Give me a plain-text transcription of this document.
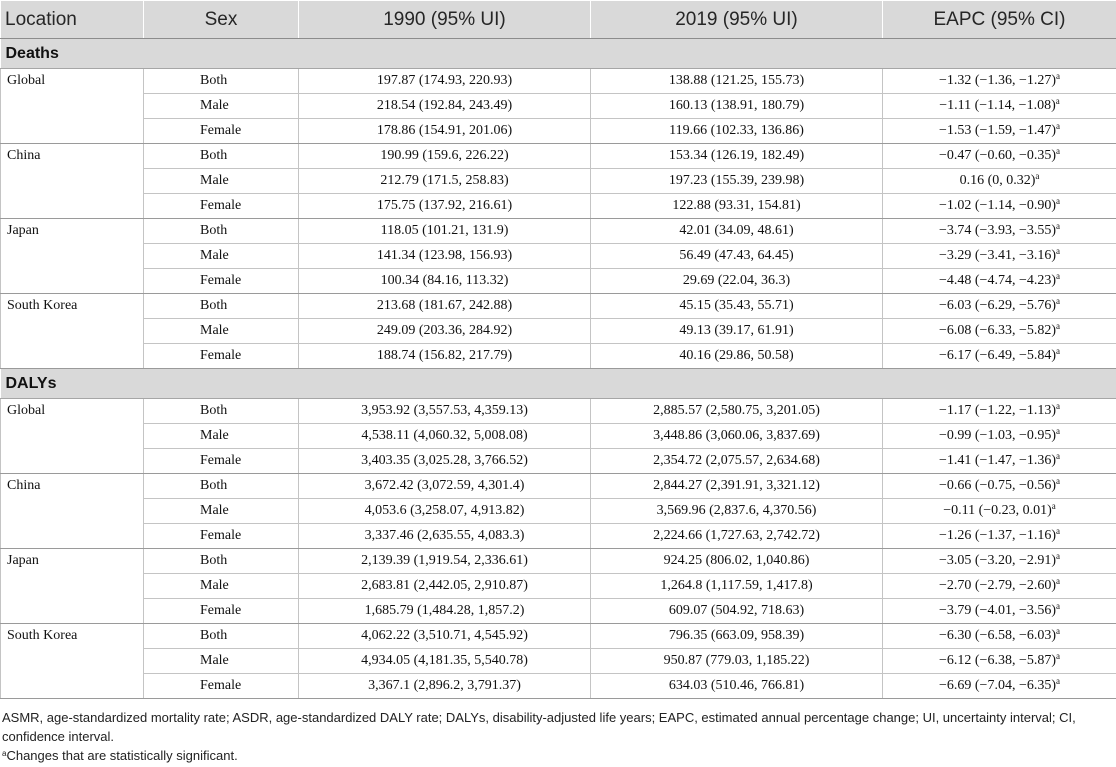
Location	Sex	1990 (95% UI)	2019 (95% UI)	EAPC (95% CI)
Deaths				
Global	Both	197.87 (174.93, 220.93)	138.88 (121.25, 155.73)	−1.32 (−1.36, −1.27)$^a$
	Male	218.54 (192.84, 243.49)	160.13 (138.91, 180.79)	−1.11 (−1.14, −1.08)$^a$
	Female	178.86 (154.91, 201.06)	119.66 (102.33, 136.86)	−1.53 (−1.59, −1.47)$^a$
China	Both	190.99 (159.6, 226.22)	153.34 (126.19, 182.49)	−0.47 (−0.60, −0.35)$^a$
	Male	212.79 (171.5, 258.83)	197.23 (155.39, 239.98)	0.16 (0, 0.32)$^a$
	Female	175.75 (137.92, 216.61)	122.88 (93.31, 154.81)	−1.02 (−1.14, −0.90)$^a$
Japan	Both	118.05 (101.21, 131.9)	42.01 (34.09, 48.61)	−3.74 (−3.93, −3.55)$^a$
	Male	141.34 (123.98, 156.93)	56.49 (47.43, 64.45)	−3.29 (−3.41, −3.16)$^a$
	Female	100.34 (84.16, 113.32)	29.69 (22.04, 36.3)	−4.48 (−4.74, −4.23)$^a$
South Korea	Both	213.68 (181.67, 242.88)	45.15 (35.43, 55.71)	−6.03 (−6.29, −5.76)$^a$
	Male	249.09 (203.36, 284.92)	49.13 (39.17, 61.91)	−6.08 (−6.33, −5.82)$^a$
	Female	188.74 (156.82, 217.79)	40.16 (29.86, 50.58)	−6.17 (−6.49, −5.84)$^a$
DALYs				
Global	Both	3,953.92 (3,557.53, 4,359.13)	2,885.57 (2,580.75, 3,201.05)	−1.17 (−1.22, −1.13)$^a$
	Male	4,538.11 (4,060.32, 5,008.08)	3,448.86 (3,060.06, 3,837.69)	−0.99 (−1.03, −0.95)$^a$
	Female	3,403.35 (3,025.28, 3,766.52)	2,354.72 (2,075.57, 2,634.68)	−1.41 (−1.47, −1.36)$^a$
China	Both	3,672.42 (3,072.59, 4,301.4)	2,844.27 (2,391.91, 3,321.12)	−0.66 (−0.75, −0.56)$^a$
	Male	4,053.6 (3,258.07, 4,913.82)	3,569.96 (2,837.6, 4,370.56)	−0.11 (−0.23, 0.01)$^a$
	Female	3,337.46 (2,635.55, 4,083.3)	2,224.66 (1,727.63, 2,742.72)	−1.26 (−1.37, −1.16)$^a$
Japan	Both	2,139.39 (1,919.54, 2,336.61)	924.25 (806.02, 1,040.86)	−3.05 (−3.20, −2.91)$^a$
	Male	2,683.81 (2,442.05, 2,910.87)	1,264.8 (1,117.59, 1,417.8)	−2.70 (−2.79, −2.60)$^a$
	Female	1,685.79 (1,484.28, 1,857.2)	609.07 (504.92, 718.63)	−3.79 (−4.01, −3.56)$^a$
South Korea	Both	4,062.22 (3,510.71, 4,545.92)	796.35 (663.09, 958.39)	−6.30 (−6.58, −6.03)$^a$
	Male	4,934.05 (4,181.35, 5,540.78)	950.87 (779.03, 1,185.22)	−6.12 (−6.38, −5.87)$^a$
	Female	3,367.1 (2,896.2, 3,791.37)	634.03 (510.46, 766.81)	−6.69 (−7.04, −6.35)$^a$
ASMR, age-standardized mortality rate; ASDR, age-standardized DALY rate; DALYs, disability-adjusted life years; EAPC, estimated annual percentage change; UI, uncertainty interval; CI, confidence interval.
$^a$Changes that are statistically significant.
